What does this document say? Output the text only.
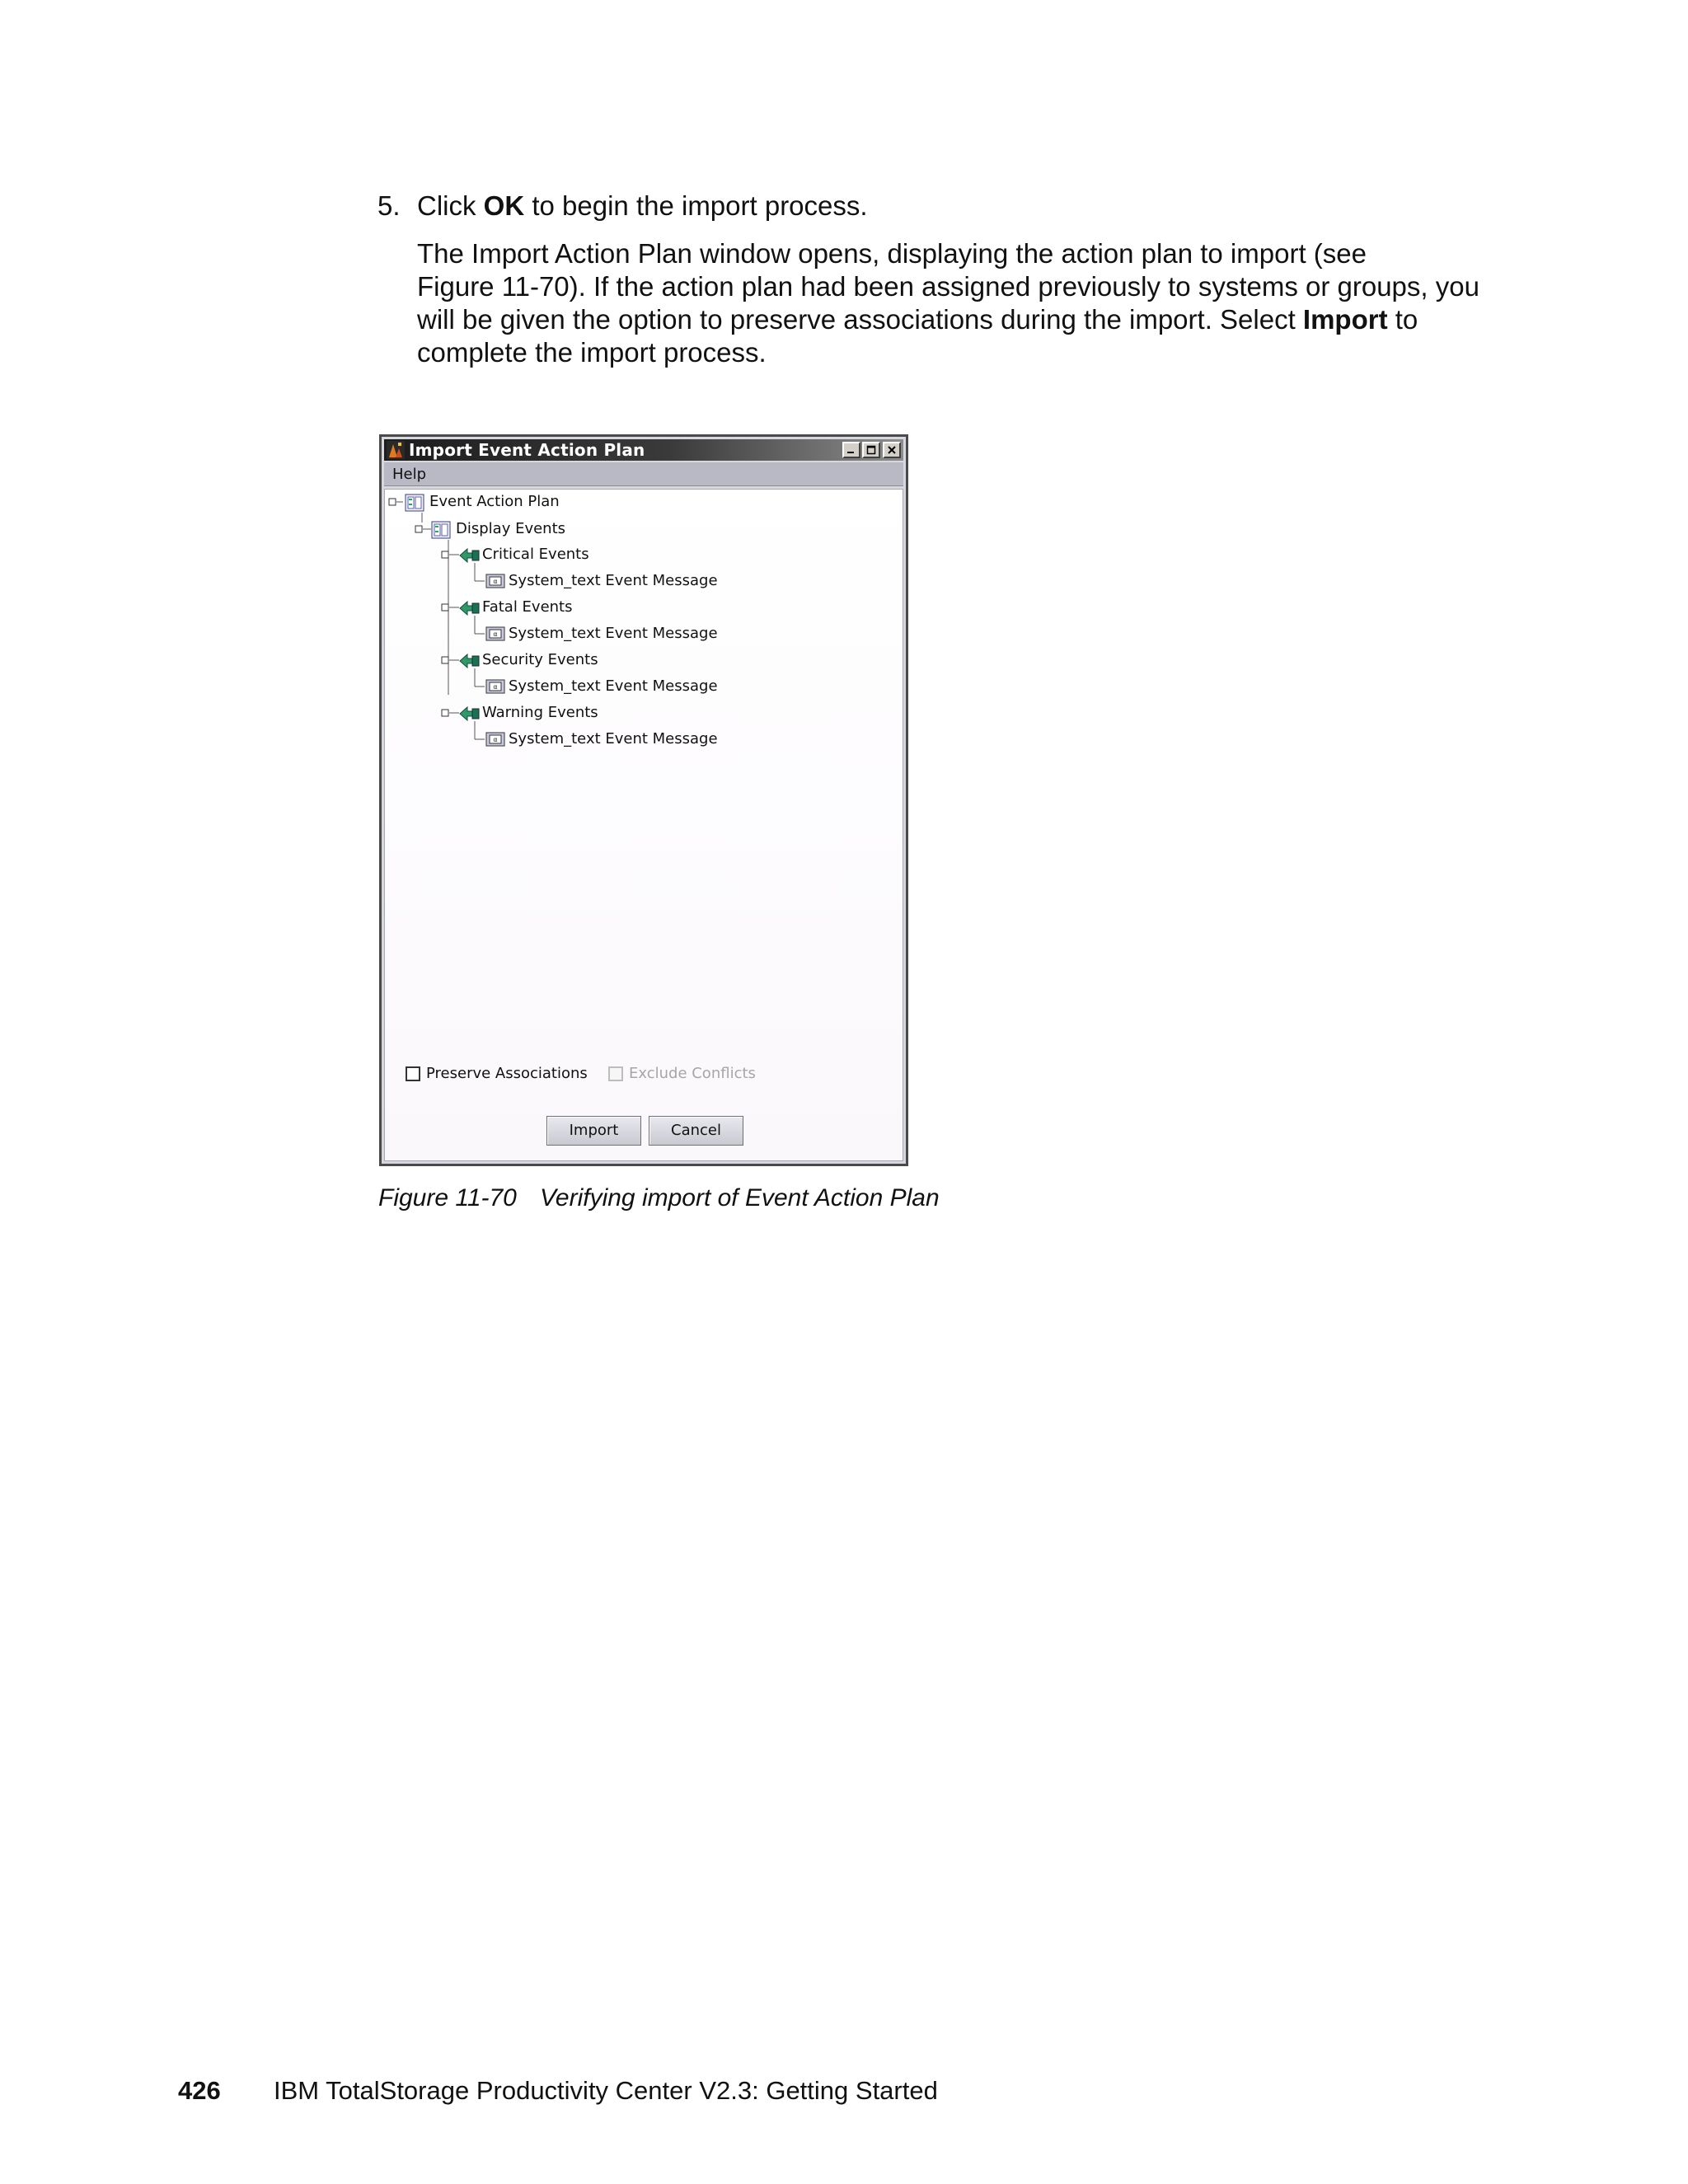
5. Click OK to begin the import process.
The Import Action Plan window opens, displaying the action plan to import (see
Figure 11-70). If the action plan had been assigned previously to systems or groups, you
will be given the option to preserve associations during the import. Select Import to
complete the import process.
Import Event Action Plan
Help
Event Action Plan
Display Events
Critical Events
α System_text Event Message
Fatal Events
α System_text Event Message
Security Events
α System_text Event Message
Warning Events
α System_text Event Message
Preserve Associations	Exclude Conflicts
Import	Cancel
Figure 11-70 Verifying import of Event Action Plan
426 IBM TotalStorage Productivity Center V2.3: Getting Started
